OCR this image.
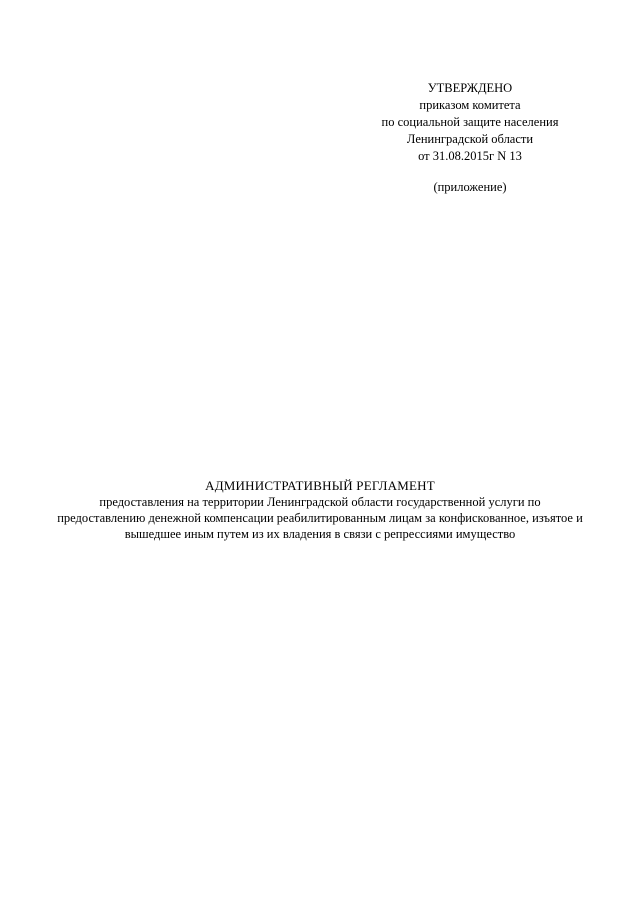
УТВЕРЖДЕНО
приказом комитета
по социальной защите населения
Ленинградской области
от 31.08.2015г N 13
(приложение)
АДМИНИСТРАТИВНЫЙ РЕГЛАМЕНТ
предоставления на территории Ленинградской области государственной услуги по
предоставлению денежной компенсации реабилитированным лицам за конфискованное, изъятое и
вышедшее иным путем из их владения в связи с репрессиями имущество
